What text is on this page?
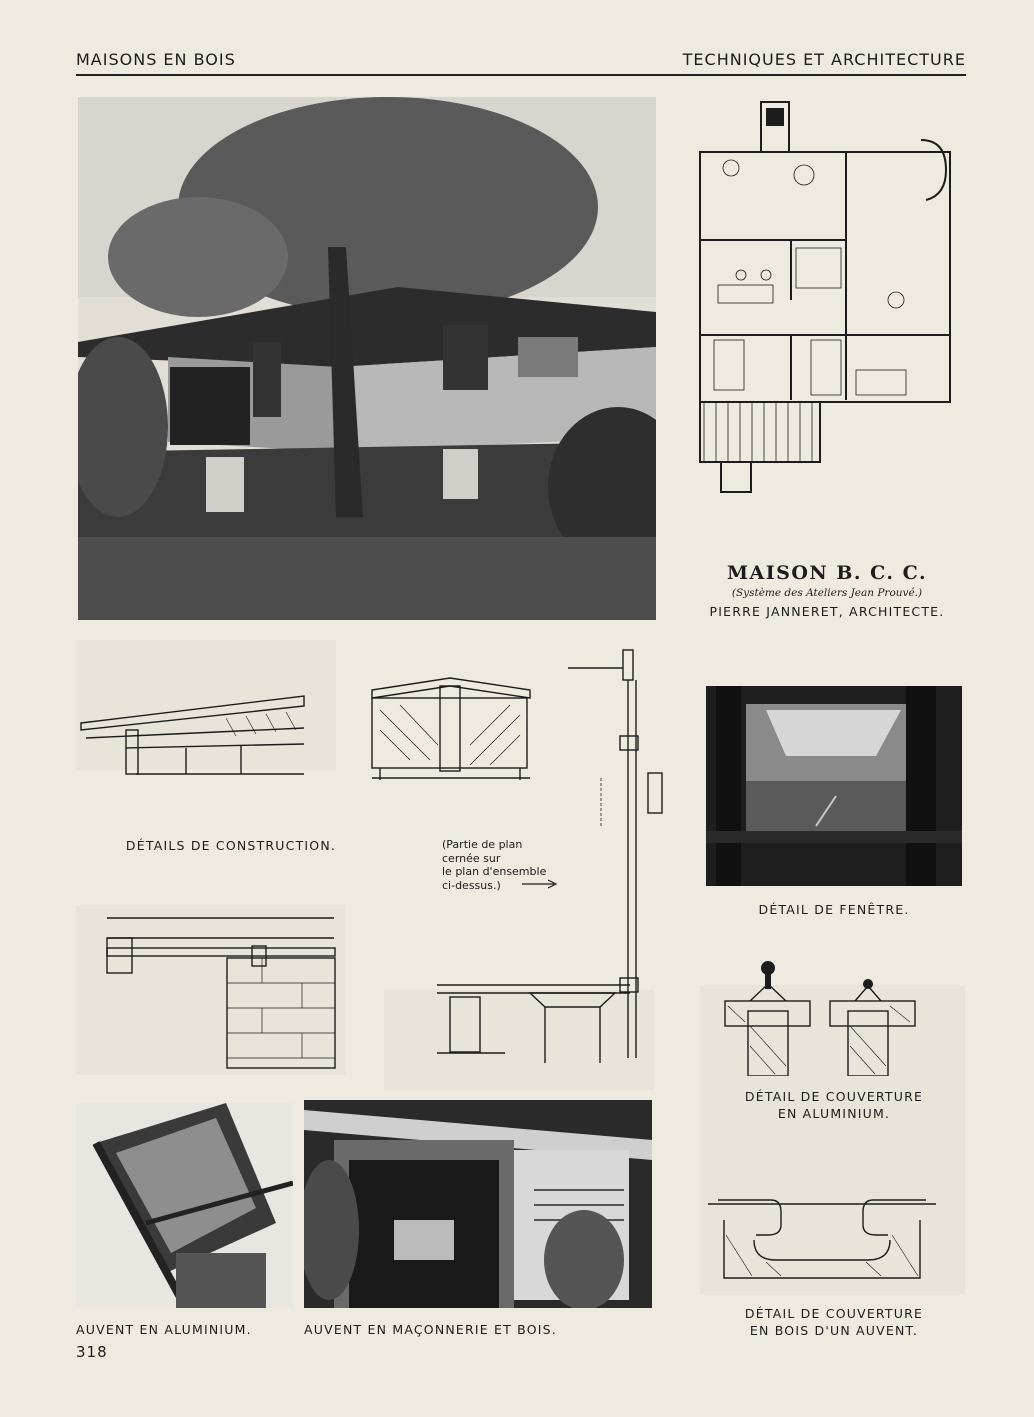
MAISONS EN BOIS	TECHNIQUES ET ARCHITECTURE
MAISON B. C. C.
(Système des Ateliers Jean Prouvé.)
PIERRE JANNERET, ARCHITECTE.
DÉTAILS DE CONSTRUCTION.	(Partie de plan
cernée sur
le plan d'ensemble
ci-dessus.)
DÉTAIL DE FENÊTRE.
DÉTAIL DE COUVERTURE
EN ALUMINIUM.
DÉTAIL DE COUVERTURE
EN BOIS D'UN AUVENT.
AUVENT EN ALUMINIUM.	AUVENT EN MAÇONNERIE ET BOIS.
318
